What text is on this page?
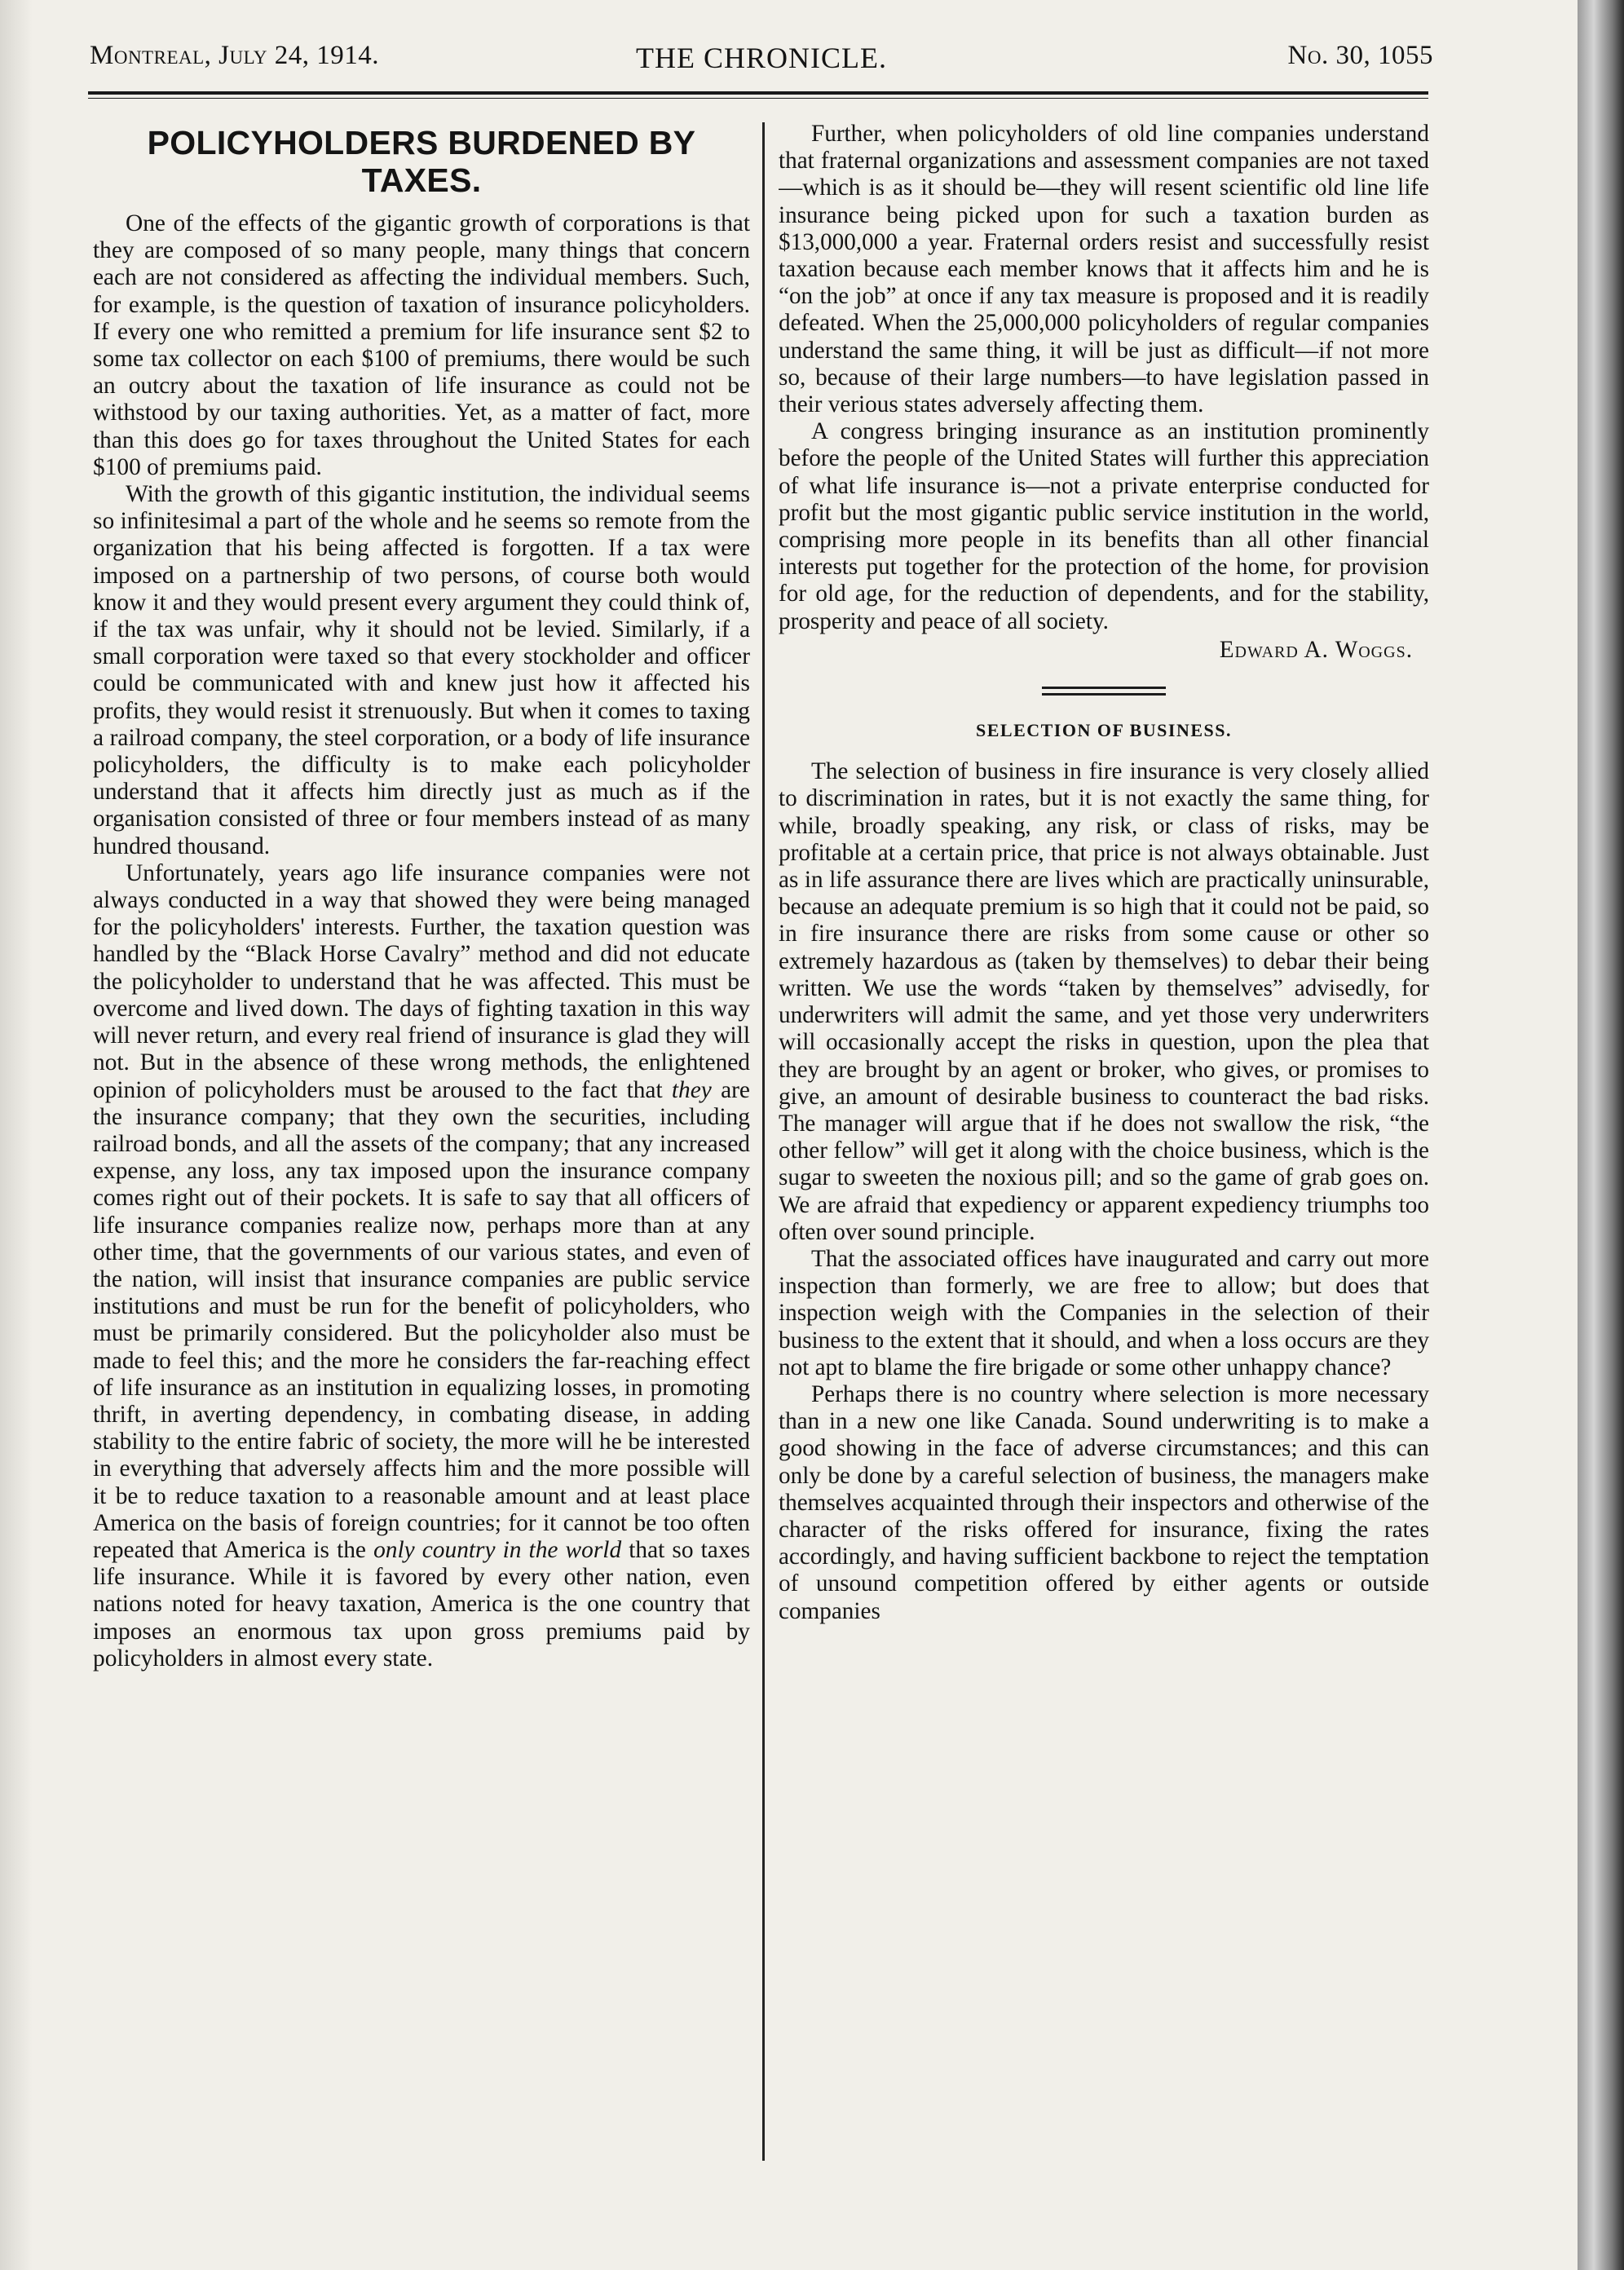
Montreal, July 24, 1914.	THE CHRONICLE.	No. 30, 1055
POLICYHOLDERS BURDENED BY TAXES.

One of the effects of the gigantic growth of corporations is that they are composed of so many people, many things that concern each are not considered as affecting the individual members. Such, for example, is the question of taxation of insurance policyholders. If every one who remitted a premium for life insurance sent $2 to some tax collector on each $100 of premiums, there would be such an outcry about the taxation of life insurance as could not be withstood by our taxing authorities. Yet, as a matter of fact, more than this does go for taxes throughout the United States for each $100 of premiums paid.

With the growth of this gigantic institution, the individual seems so infinitesimal a part of the whole and he seems so remote from the organization that his being affected is forgotten. If a tax were imposed on a partnership of two persons, of course both would know it and they would present every argument they could think of, if the tax was unfair, why it should not be levied. Similarly, if a small corporation were taxed so that every stockholder and officer could be communicated with and knew just how it affected his profits, they would resist it strenuously. But when it comes to taxing a railroad company, the steel corporation, or a body of life insurance policyholders, the difficulty is to make each policyholder understand that it affects him directly just as much as if the organisation consisted of three or four members instead of as many hundred thousand.

Unfortunately, years ago life insurance companies were not always conducted in a way that showed they were being managed for the policyholders' interests. Further, the taxation question was handled by the “Black Horse Cavalry” method and did not educate the policyholder to understand that he was affected. This must be overcome and lived down. The days of fighting taxation in this way will never return, and every real friend of insurance is glad they will not. But in the absence of these wrong methods, the enlightened opinion of policyholders must be aroused to the fact that they are the insurance company; that they own the securities, including railroad bonds, and all the assets of the company; that any increased expense, any loss, any tax imposed upon the insurance company comes right out of their pockets. It is safe to say that all officers of life insurance companies realize now, perhaps more than at any other time, that the governments of our various states, and even of the nation, will insist that insurance companies are public service institutions and must be run for the benefit of policyholders, who must be primarily considered. But the policyholder also must be made to feel this; and the more he considers the far-reaching effect of life insurance as an institution in equalizing losses, in promoting thrift, in averting dependency, in combating disease, in adding stability to the entire fabric of society, the more will he be interested in everything that adversely affects him and the more possible will it be to reduce taxation to a reasonable amount and at least place America on the basis of foreign countries; for it cannot be too often repeated that America is the only country in the world that so taxes life insurance. While it is favored by every other nation, even nations noted for heavy taxation, America is the one country that imposes an enormous tax upon gross premiums paid by policyholders in almost every state.

Further, when policyholders of old line companies understand that fraternal organizations and assessment companies are not taxed—which is as it should be—they will resent scientific old line life insurance being picked upon for such a taxation burden as $13,000,000 a year. Fraternal orders resist and successfully resist taxation because each member knows that it affects him and he is “on the job” at once if any tax measure is proposed and it is readily defeated. When the 25,000,000 policyholders of regular companies understand the same thing, it will be just as difficult—if not more so, because of their large numbers—to have legislation passed in their verious states adversely affecting them.

A congress bringing insurance as an institution prominently before the people of the United States will further this appreciation of what life insurance is—not a private enterprise conducted for profit but the most gigantic public service institution in the world, comprising more people in its benefits than all other financial interests put together for the protection of the home, for provision for old age, for the reduction of dependents, and for the stability, prosperity and peace of all society.

Edward A. Woggs.
SELECTION OF BUSINESS.

The selection of business in fire insurance is very closely allied to discrimination in rates, but it is not exactly the same thing, for while, broadly speaking, any risk, or class of risks, may be profitable at a certain price, that price is not always obtainable. Just as in life assurance there are lives which are practically uninsurable, because an adequate premium is so high that it could not be paid, so in fire insurance there are risks from some cause or other so extremely hazardous as (taken by themselves) to debar their being written. We use the words “taken by themselves” advisedly, for underwriters will admit the same, and yet those very underwriters will occasionally accept the risks in question, upon the plea that they are brought by an agent or broker, who gives, or promises to give, an amount of desirable business to counteract the bad risks. The manager will argue that if he does not swallow the risk, “the other fellow” will get it along with the choice business, which is the sugar to sweeten the noxious pill; and so the game of grab goes on. We are afraid that expediency or apparent expediency triumphs too often over sound principle.

That the associated offices have inaugurated and carry out more inspection than formerly, we are free to allow; but does that inspection weigh with the Companies in the selection of their business to the extent that it should, and when a loss occurs are they not apt to blame the fire brigade or some other unhappy chance?

Perhaps there is no country where selection is more necessary than in a new one like Canada. Sound underwriting is to make a good showing in the face of adverse circumstances; and this can only be done by a careful selection of business, the managers make themselves acquainted through their inspectors and otherwise of the character of the risks offered for insurance, fixing the rates accordingly, and having sufficient backbone to reject the temptation of unsound competition offered by either agents or outside companies
